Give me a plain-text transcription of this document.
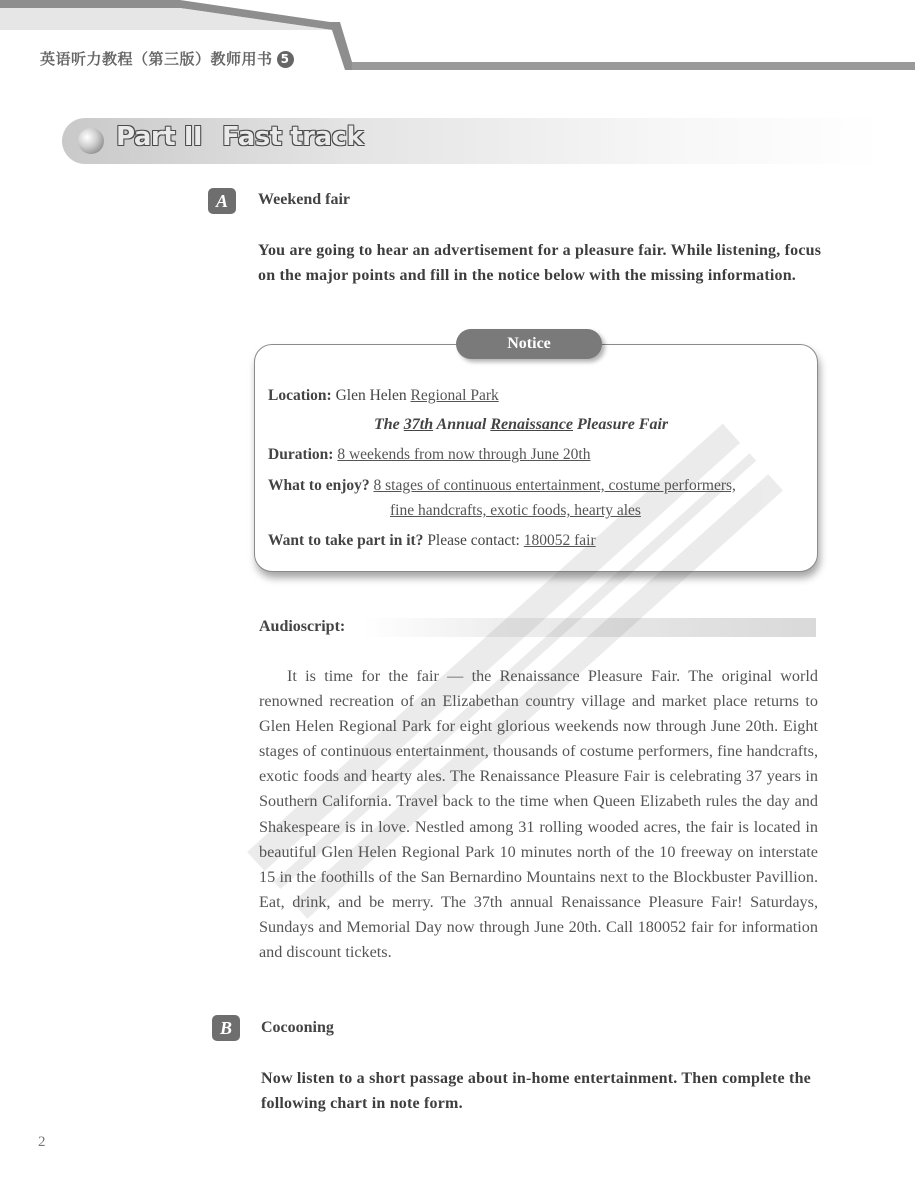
英语听力教程（第三版）教师用书 5
Part II Fast track
A	Weekend fair
You are going to hear an advertisement for a pleasure fair. While listening, focus on the major points and fill in the notice below with the missing information.
Notice
Location: Glen Helen Regional Park
The 37th Annual Renaissance Pleasure Fair
Duration: 8 weekends from now through June 20th
What to enjoy? 8 stages of continuous entertainment, costume performers,
fine handcrafts, exotic foods, hearty ales
Want to take part in it? Please contact: 180052 fair
Audioscript:

It is time for the fair — the Renaissance Pleasure Fair. The original world renowned recreation of an Elizabethan country village and market place returns to Glen Helen Regional Park for eight glorious weekends now through June 20th. Eight stages of continuous entertainment, thousands of costume performers, fine handcrafts, exotic foods and hearty ales. The Renaissance Pleasure Fair is celebrating 37 years in Southern California. Travel back to the time when Queen Elizabeth rules the day and Shakespeare is in love. Nestled among 31 rolling wooded acres, the fair is located in beautiful Glen Helen Regional Park 10 minutes north of the 10 freeway on interstate 15 in the foothills of the San Bernardino Mountains next to the Blockbuster Pavillion. Eat, drink, and be merry. The 37th annual Renaissance Pleasure Fair! Saturdays, Sundays and Memorial Day now through June 20th. Call 180052 fair for information and discount tickets.

B	Cocooning
Now listen to a short passage about in-home entertainment. Then complete the following chart in note form.
2
